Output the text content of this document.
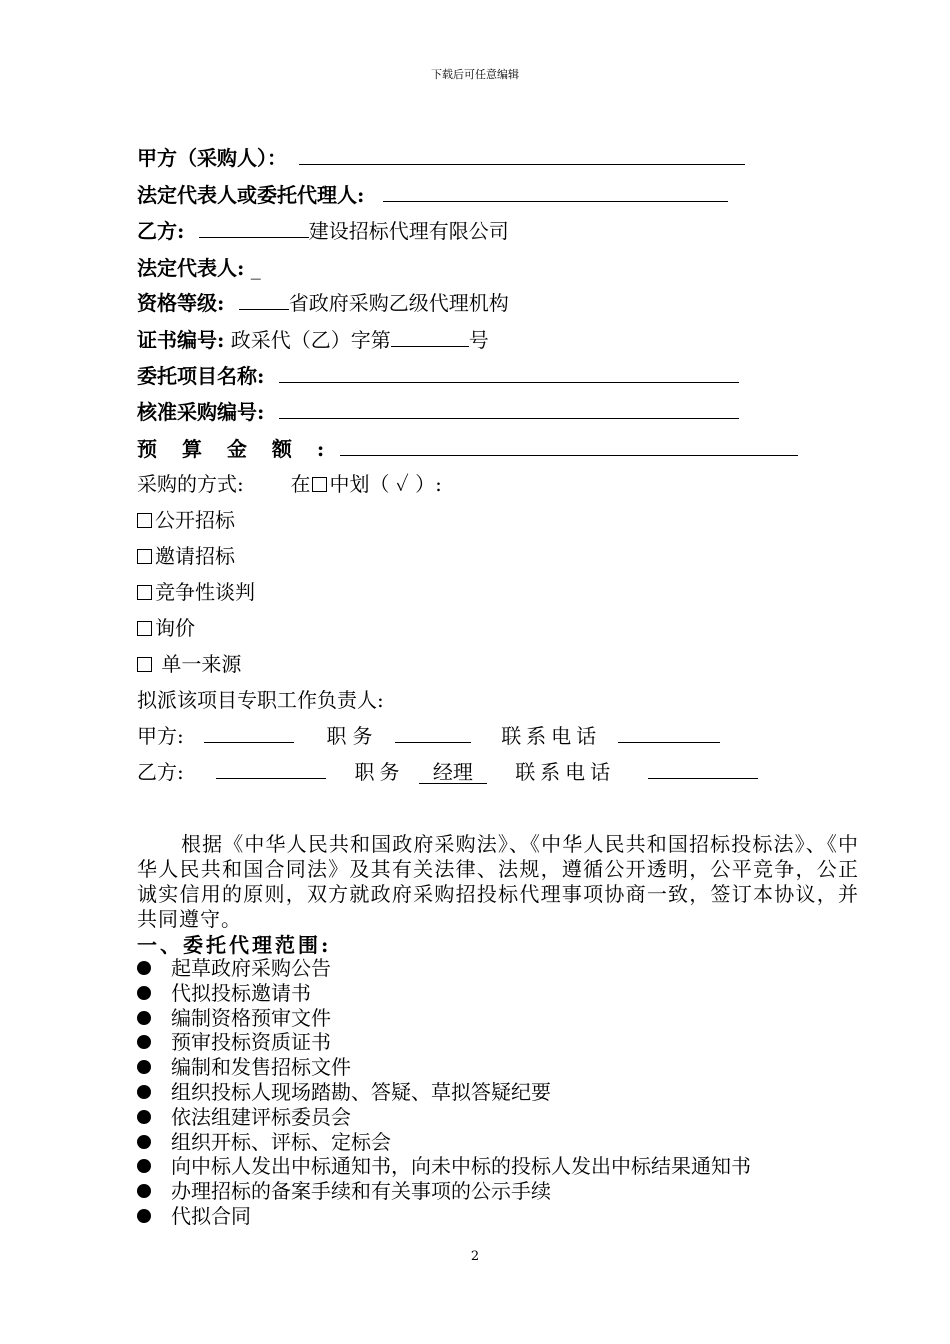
下载后可任意编辑
甲方（采购人）：
法定代表人或委托代理人:
乙方:	建设招标代理有限公司
法定代表人: _
资格等级:	省政府采购乙级代理机构
证书编号: 政采代（乙）字第	号
委托项目名称:
核准采购编号:
预 算 金 额 :
采购的方式: 在 中划（ ✓ ）:
公开招标
邀请招标
竞争性谈判
询价
单一来源
拟派该项目专职工作负责人:
甲方:	职务	联系电话
乙方:	职务 经理 联系电话
根据《中华人民共和国政府采购法》、《中华人民共和国招标投标法》、《中华人民共和国合同法》及其有关法律、法规，遵循公开透明，公平竞争，公正诚实信用的原则，双方就政府采购招投标代理事项协商一致，签订本协议，并共同遵守。
一、委托代理范围:
起草政府采购公告
代拟投标邀请书
编制资格预审文件
预审投标资质证书
编制和发售招标文件
组织投标人现场踏勘、答疑、草拟答疑纪要
依法组建评标委员会
组织开标、评标、定标会
向中标人发出中标通知书，向未中标的投标人发出中标结果通知书
办理招标的备案手续和有关事项的公示手续
代拟合同
2
